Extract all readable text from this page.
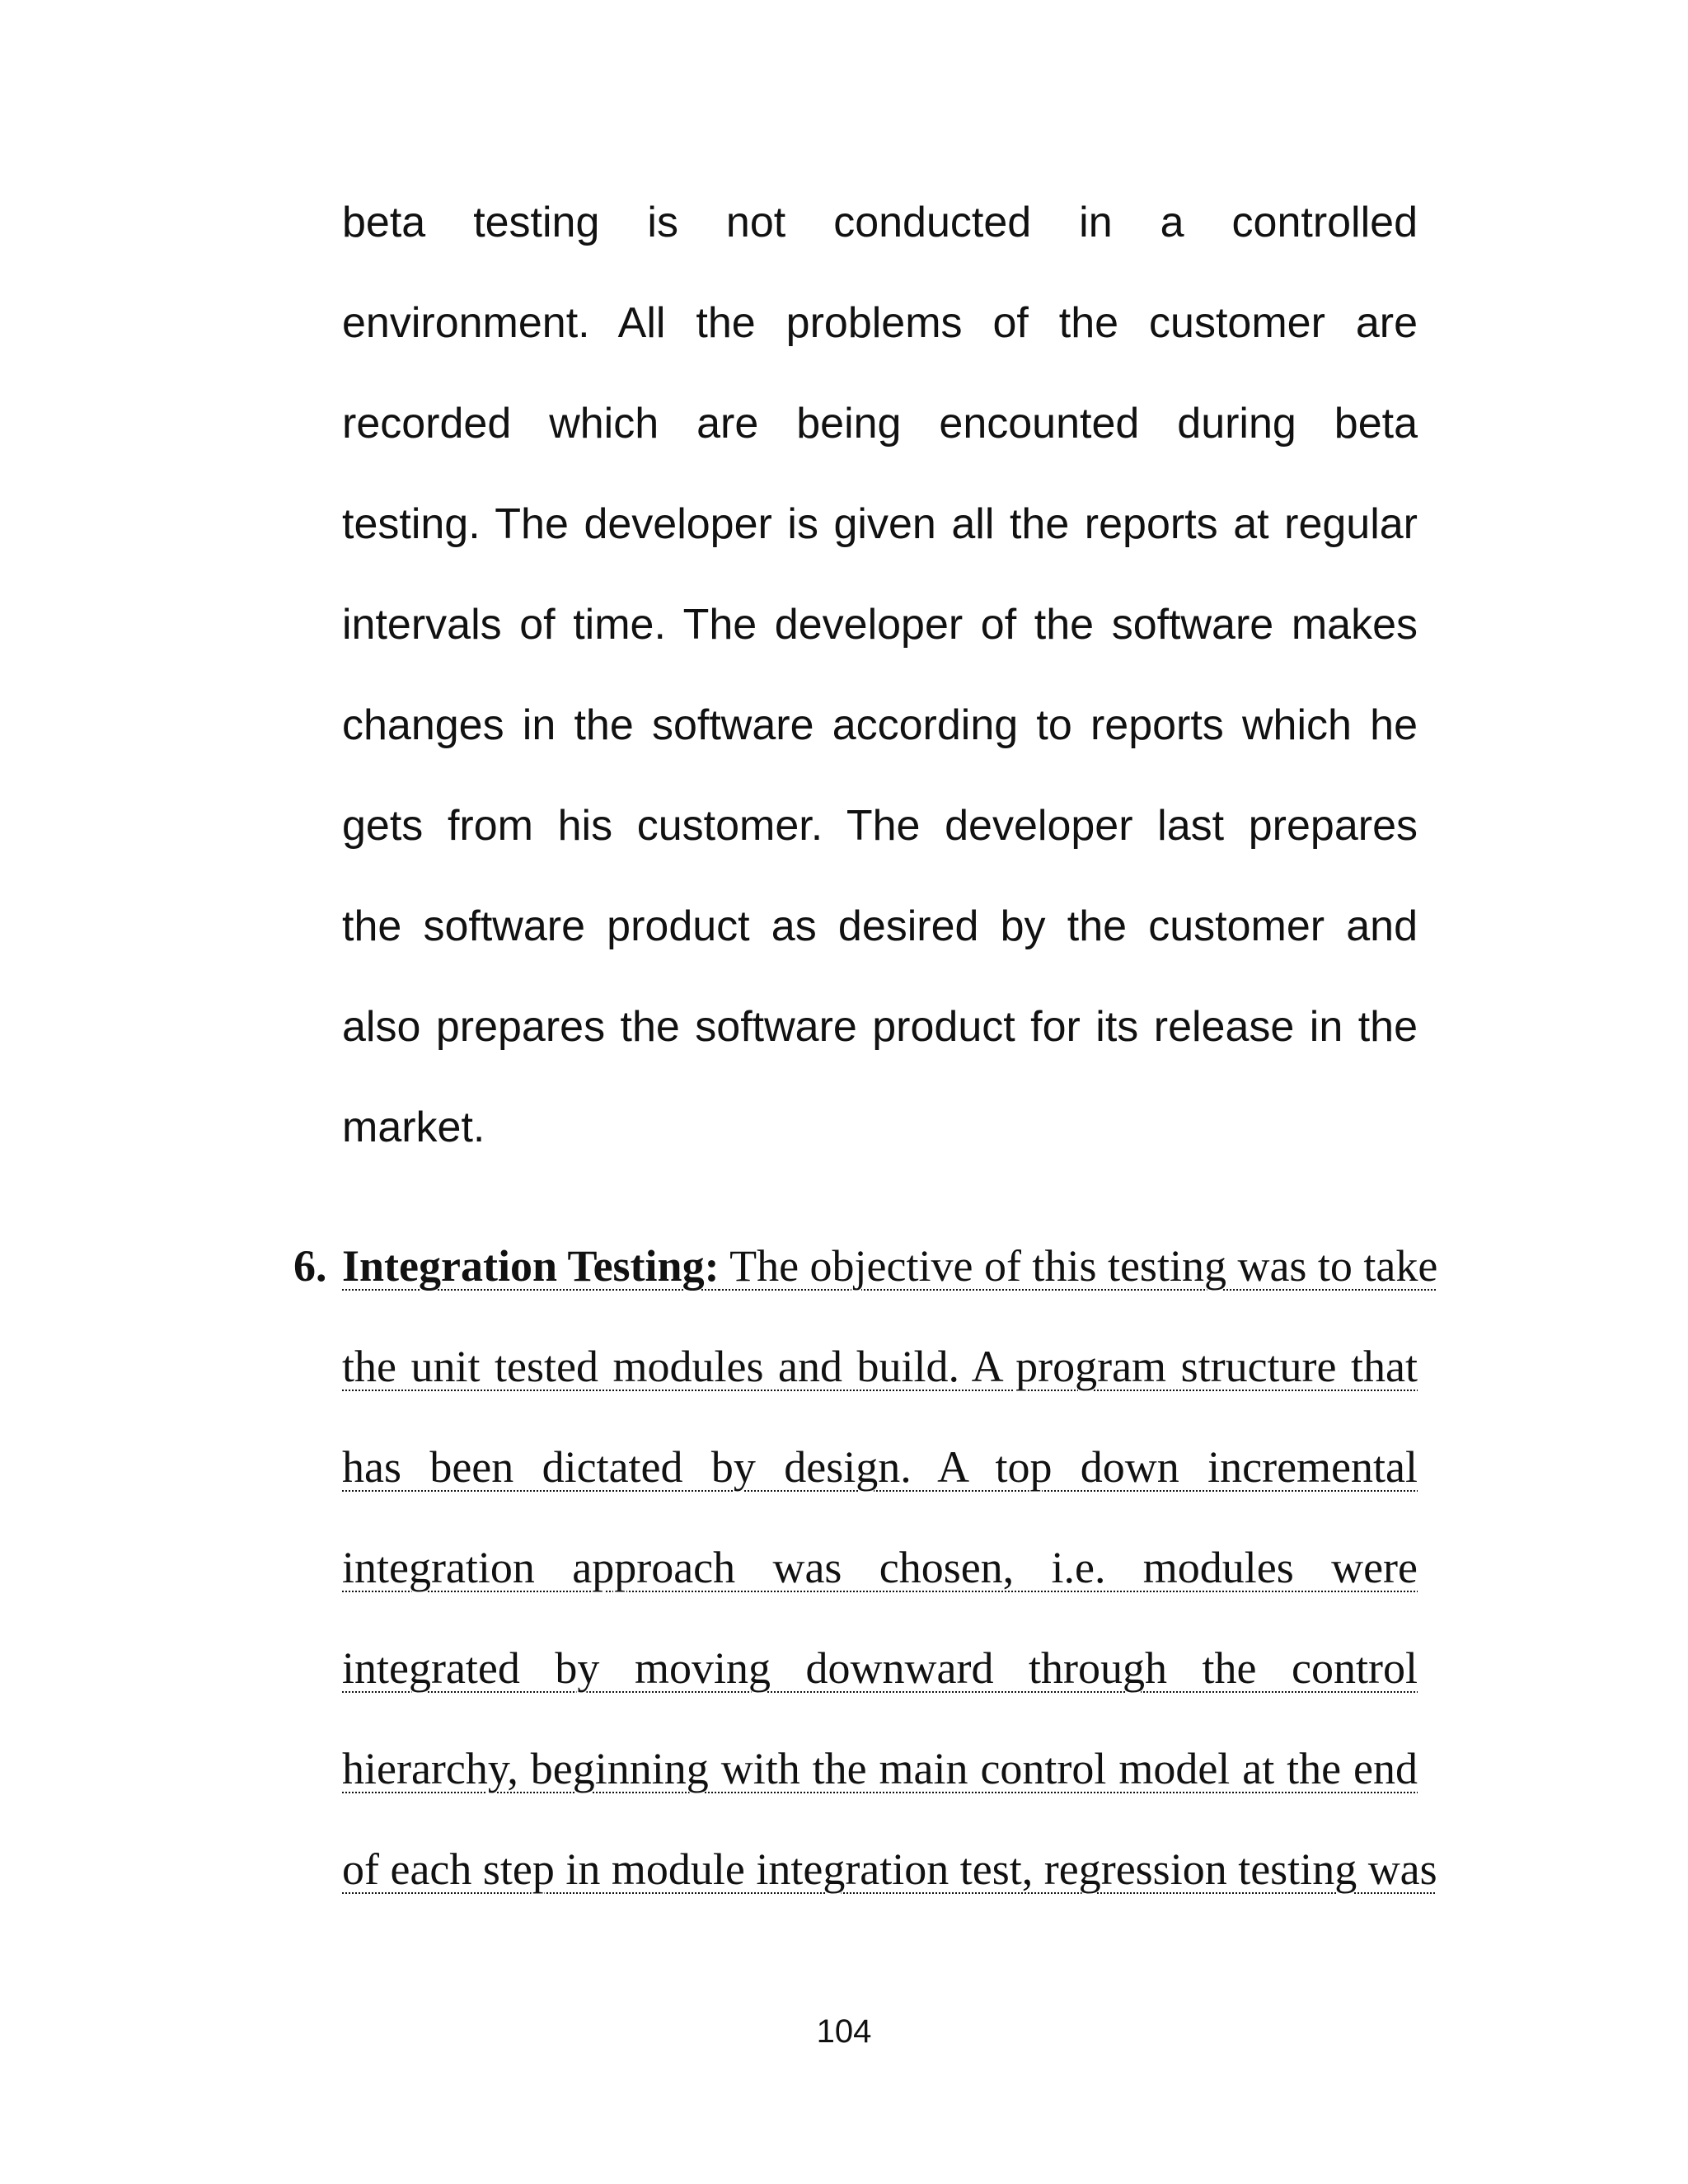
beta testing is not conducted in a controlled
environment. All the problems of the customer are
recorded which are being encounted during beta
testing. The developer is given all the reports at regular
intervals of time. The developer of the software makes
changes in the software according to reports which he
gets from his customer. The developer last prepares
the software product as desired by the customer and
also prepares the software product for its release in the
market.
6. Integration Testing: The objective of this testing was to take
the unit tested modules and build. A program structure that
has been dictated by design. A top down incremental
integration approach was chosen, i.e. modules were
integrated by moving downward through the control
hierarchy, beginning with the main control model at the end
of each step in module integration test, regression testing was
104
